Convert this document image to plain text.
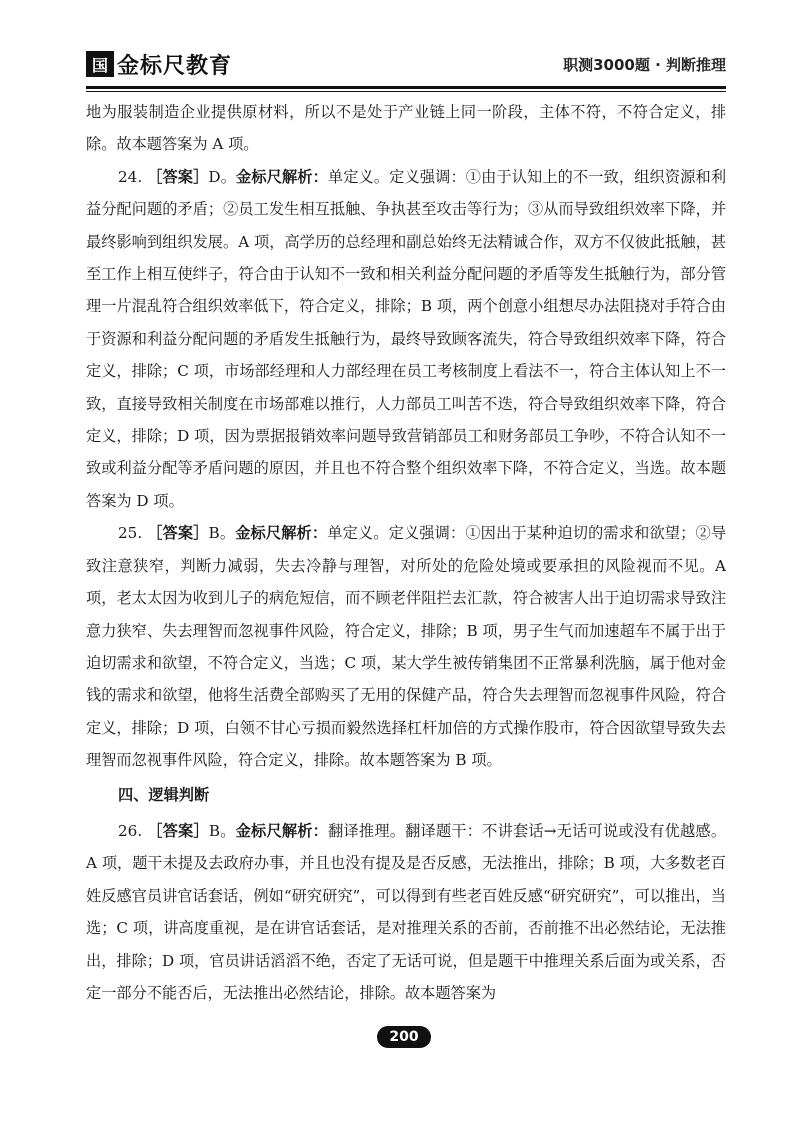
国 金标尺教育	职测3000题 · 判断推理

地为服装制造企业提供原材料，所以不是处于产业链上同一阶段，主体不符，不符合定义，排除。故本题答案为 A 项。

24. ［答案］D。金标尺解析：单定义。定义强调：①由于认知上的不一致，组织资源和利益分配问题的矛盾；②员工发生相互抵触、争执甚至攻击等行为；③从而导致组织效率下降，并最终影响到组织发展。A 项，高学历的总经理和副总始终无法精诚合作，双方不仅彼此抵触，甚至工作上相互使绊子，符合由于认知不一致和相关利益分配问题的矛盾等发生抵触行为，部分管理一片混乱符合组织效率低下，符合定义，排除；B 项，两个创意小组想尽办法阻挠对手符合由于资源和利益分配问题的矛盾发生抵触行为，最终导致顾客流失，符合导致组织效率下降，符合定义，排除；C 项，市场部经理和人力部经理在员工考核制度上看法不一，符合主体认知上不一致，直接导致相关制度在市场部难以推行，人力部员工叫苦不迭，符合导致组织效率下降，符合定义，排除；D 项，因为票据报销效率问题导致营销部员工和财务部员工争吵，不符合认知不一致或利益分配等矛盾问题的原因，并且也不符合整个组织效率下降，不符合定义，当选。故本题答案为 D 项。

25. ［答案］B。金标尺解析：单定义。定义强调：①因出于某种迫切的需求和欲望；②导致注意狭窄，判断力减弱，失去冷静与理智，对所处的危险处境或要承担的风险视而不见。A 项，老太太因为收到儿子的病危短信，而不顾老伴阻拦去汇款，符合被害人出于迫切需求导致注意力狭窄、失去理智而忽视事件风险，符合定义，排除；B 项，男子生气而加速超车不属于出于迫切需求和欲望，不符合定义，当选；C 项，某大学生被传销集团不正常暴利洗脑，属于他对金钱的需求和欲望，他将生活费全部购买了无用的保健产品，符合失去理智而忽视事件风险，符合定义，排除；D 项，白领不甘心亏损而毅然选择杠杆加倍的方式操作股市，符合因欲望导致失去理智而忽视事件风险，符合定义，排除。故本题答案为 B 项。

四、逻辑判断

26. ［答案］B。金标尺解析：翻译推理。翻译题干：不讲套话→无话可说或没有优越感。A 项，题干未提及去政府办事，并且也没有提及是否反感，无法推出，排除；B 项，大多数老百姓反感官员讲官话套话，例如“研究研究”，可以得到有些老百姓反感“研究研究”，可以推出，当选；C 项，讲高度重视，是在讲官话套话，是对推理关系的否前，否前推不出必然结论，无法推出，排除；D 项，官员讲话滔滔不绝，否定了无话可说，但是题干中推理关系后面为或关系，否定一部分不能否后，无法推出必然结论，排除。故本题答案为

200
